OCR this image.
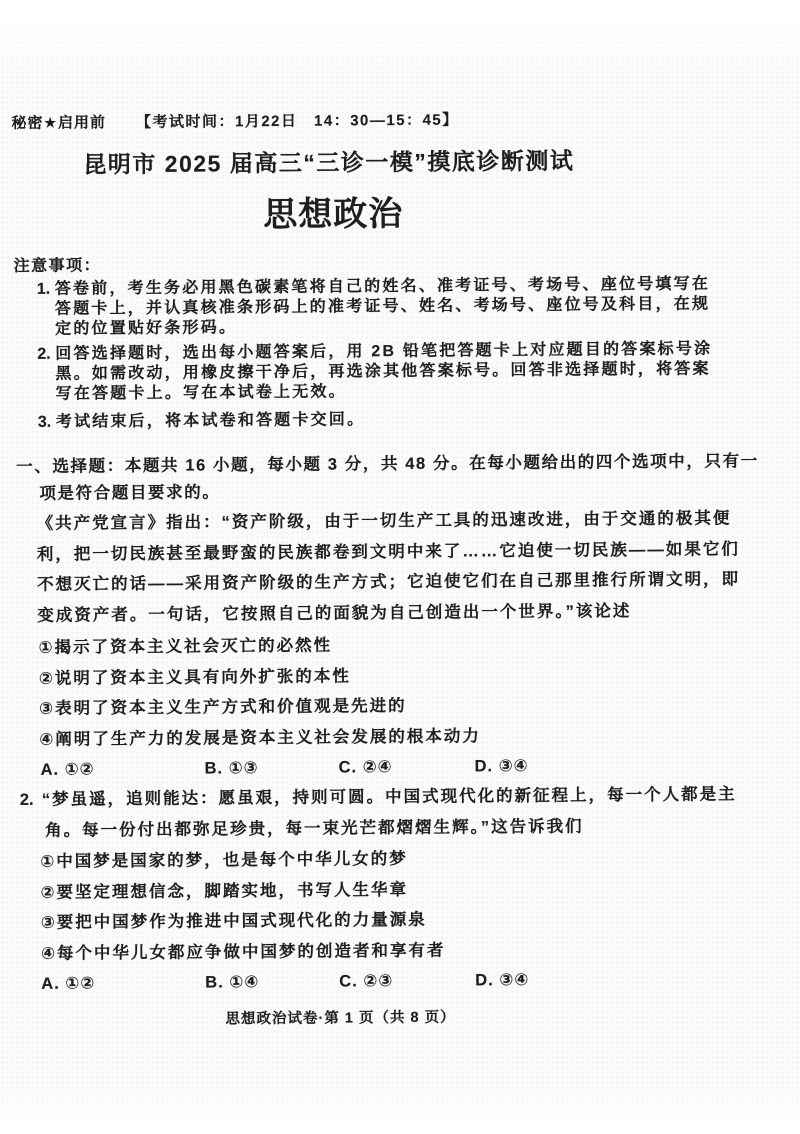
秘密★启用前 【考试时间：1月22日　14：30—15：45】
昆明市 2025 届高三“三诊一模”摸底诊断测试
思想政治
注意事项：
1. 答卷前，考生务必用黑色碳素笔将自己的姓名、准考证号、考场号、座位号填写在
答题卡上，并认真核准条形码上的准考证号、姓名、考场号、座位号及科目，在规
定的位置贴好条形码。
2. 回答选择题时，选出每小题答案后，用 2B 铅笔把答题卡上对应题目的答案标号涂
黑。如需改动，用橡皮擦干净后，再选涂其他答案标号。回答非选择题时，将答案
写在答题卡上。写在本试卷上无效。
3. 考试结束后，将本试卷和答题卡交回。
一、选择题：本题共 16 小题，每小题 3 分，共 48 分。在每小题给出的四个选项中，只有一
项是符合题目要求的。
《共产党宣言》指出：“资产阶级，由于一切生产工具的迅速改进，由于交通的极其便
利，把一切民族甚至最野蛮的民族都卷到文明中来了……它迫使一切民族——如果它们
不想灭亡的话——采用资产阶级的生产方式；它迫使它们在自己那里推行所谓文明，即
变成资产者。一句话，它按照自己的面貌为自己创造出一个世界。”该论述
①揭示了资本主义社会灭亡的必然性
②说明了资本主义具有向外扩张的本性
③表明了资本主义生产方式和价值观是先进的
④阐明了生产力的发展是资本主义社会发展的根本动力
A. ①②	B. ①③	C. ②④	D. ③④
2. “梦虽遥，追则能达：愿虽艰，持则可圆。中国式现代化的新征程上，每一个人都是主
角。每一份付出都弥足珍贵，每一束光芒都熠熠生辉。”这告诉我们
①中国梦是国家的梦，也是每个中华儿女的梦
②要坚定理想信念，脚踏实地，书写人生华章
③要把中国梦作为推进中国式现代化的力量源泉
④每个中华儿女都应争做中国梦的创造者和享有者
A. ①②	B. ①④	C. ②③	D. ③④
思想政治试卷·第 1 页（共 8 页）
